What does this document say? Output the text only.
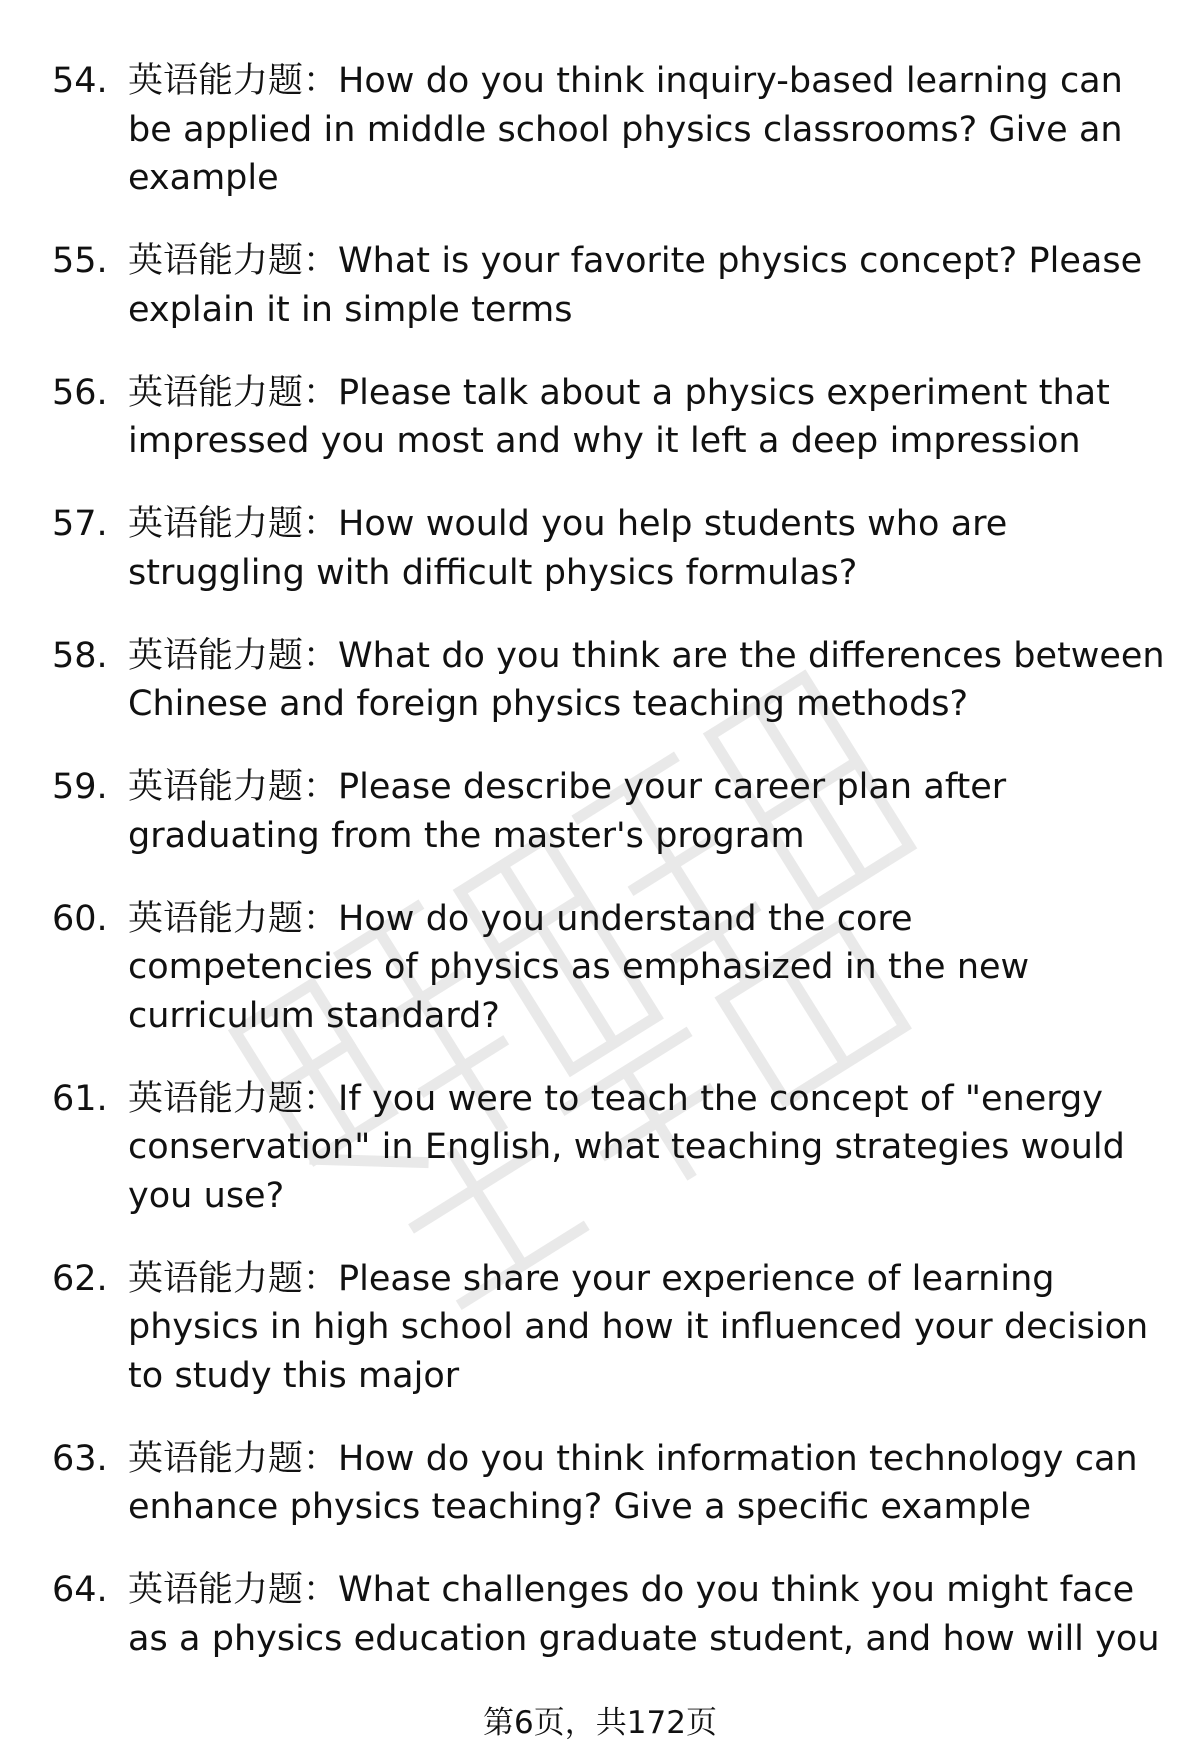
54. 英语能力题：How do you think inquiry-based learning can be applied in middle school physics classrooms? Give an example
55. 英语能力题：What is your favorite physics concept? Please explain it in simple terms
56. 英语能力题：Please talk about a physics experiment that impressed you most and why it left a deep impression
57. 英语能力题：How would you help students who are struggling with difficult physics formulas?
58. 英语能力题：What do you think are the differences between Chinese and foreign physics teaching methods?
59. 英语能力题：Please describe your career plan after graduating from the master's program
60. 英语能力题：How do you understand the core competencies of physics as emphasized in the new curriculum standard?
61. 英语能力题：If you were to teach the concept of "energy conservation" in English, what teaching strategies would you use?
62. 英语能力题：Please share your experience of learning physics in high school and how it influenced your decision to study this major
63. 英语能力题：How do you think information technology can enhance physics teaching? Give a specific example
64. 英语能力题：What challenges do you think you might face as a physics education graduate student, and how will you
第6页，共172页
